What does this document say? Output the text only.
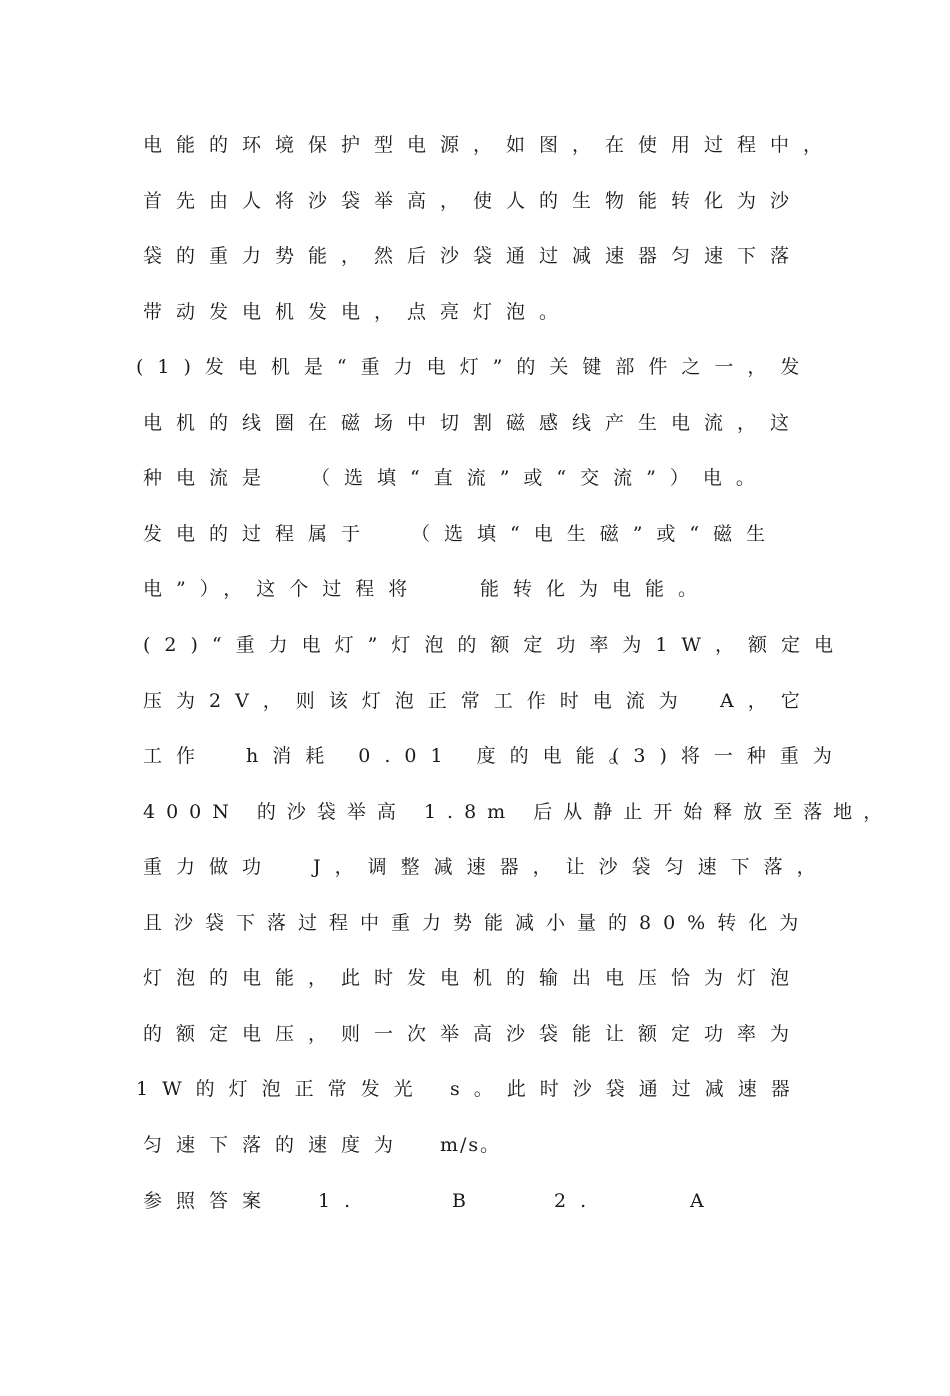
电能的环境保护型电源，如图，在使用过程中，

首先由人将沙袋举高，使人的生物能转化为沙

袋的重力势能，然后沙袋通过减速器匀速下落

带动发电机发电，点亮灯泡。

(1)发电机是“重力电灯”的关键部件之一，发

电机的线圈在磁场中切割磁感线产生电流，这

种电流是

（选填“直流”或“交流”）电。

发电的过程属于

（选填“电生磁”或“磁生

电”），这个过程将

	能转化为电能。

(2)“重力电灯”灯泡的额定功率为1W，额定电

压为2V，则该灯泡正常工作时电流为

A，它

工作

h消耗 0.01 度的电能。

(3)将一种重为

400N 的沙袋举高 1.8m 后从静止开始释放至落地，

重力做功

J，调整减速器，让沙袋匀速下落，

且沙袋下落过程中重力势能减小量的80%转化为

灯泡的电能，此时发电机的输出电压恰为灯泡

的额定电压，则一次举高沙袋能让额定功率为

1W的灯泡正常发光

s。此时沙袋通过减速器

匀速下落的速度为

m/s。

参照答案

1.

	B

	2.

	A
